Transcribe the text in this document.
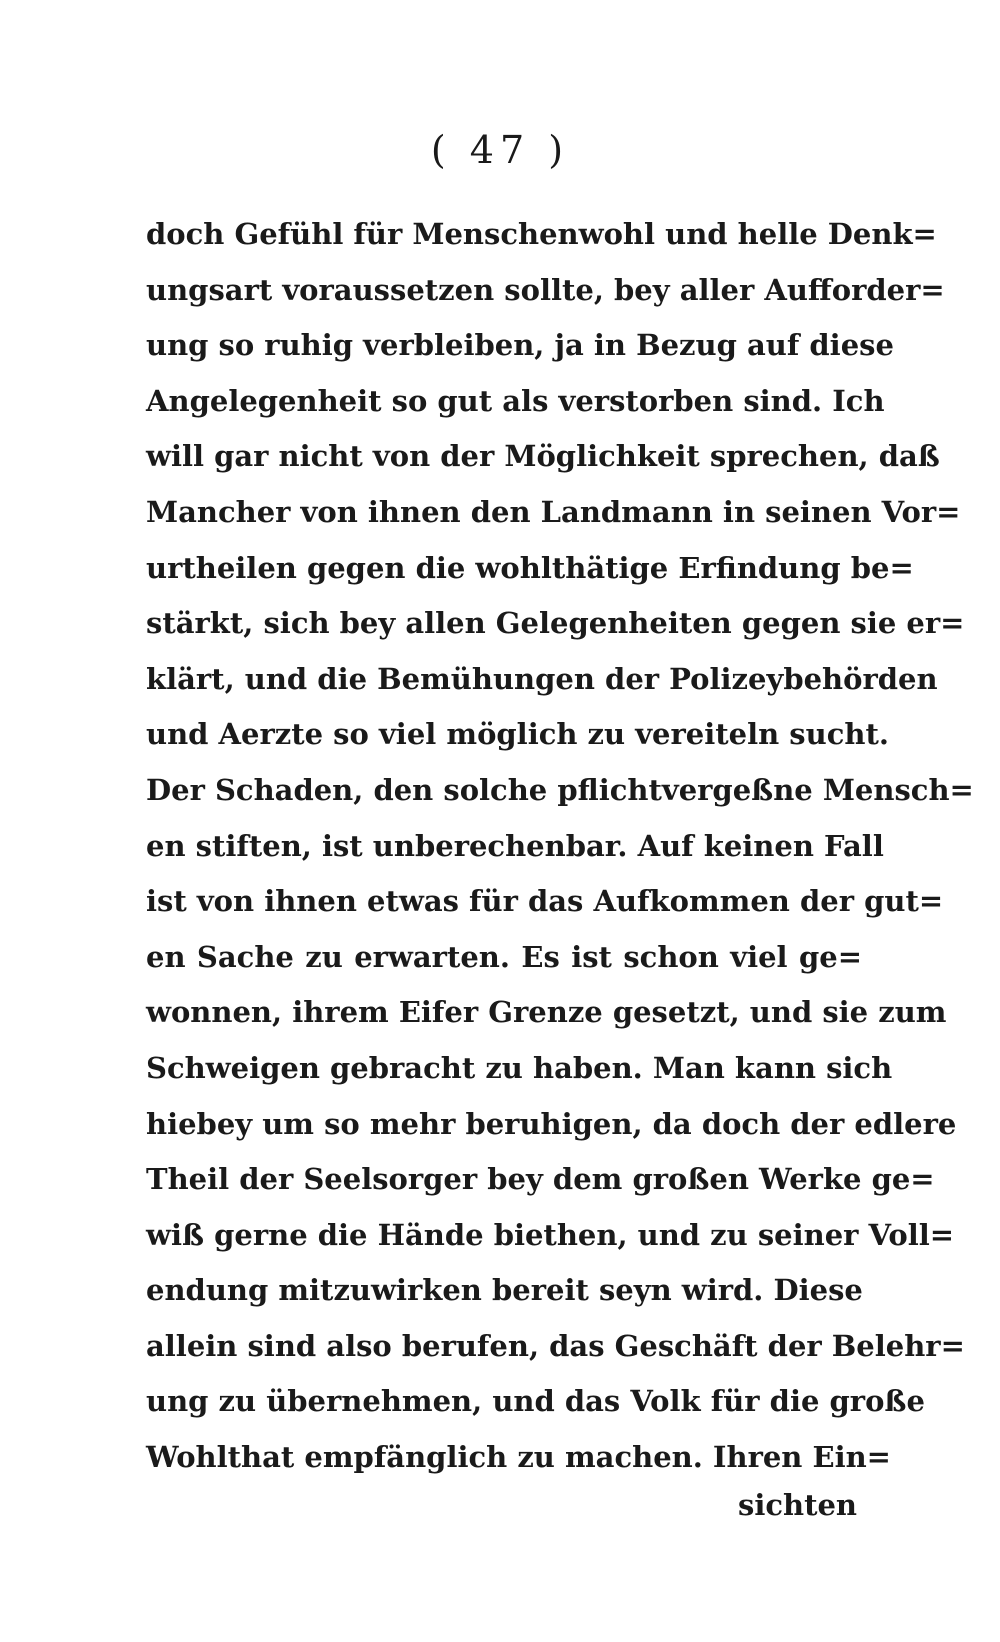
( 47 )
doch Gefühl für Menschenwohl und helle Denk=
ungsart voraussetzen sollte, bey aller Aufforder=
ung so ruhig verbleiben, ja in Bezug auf diese
Angelegenheit so gut als verstorben sind. Ich
will gar nicht von der Möglichkeit sprechen, daß
Mancher von ihnen den Landmann in seinen Vor=
urtheilen gegen die wohlthätige Erfindung be=
stärkt, sich bey allen Gelegenheiten gegen sie er=
klärt, und die Bemühungen der Polizeybehörden
und Aerzte so viel möglich zu vereiteln sucht.
Der Schaden, den solche pflichtvergeßne Mensch=
en stiften, ist unberechenbar. Auf keinen Fall
ist von ihnen etwas für das Aufkommen der gut=
en Sache zu erwarten. Es ist schon viel ge=
wonnen, ihrem Eifer Grenze gesetzt, und sie zum
Schweigen gebracht zu haben. Man kann sich
hiebey um so mehr beruhigen, da doch der edlere
Theil der Seelsorger bey dem großen Werke ge=
wiß gerne die Hände biethen, und zu seiner Voll=
endung mitzuwirken bereit seyn wird. Diese
allein sind also berufen, das Geschäft der Belehr=
ung zu übernehmen, und das Volk für die große
Wohlthat empfänglich zu machen. Ihren Ein=
sichten
